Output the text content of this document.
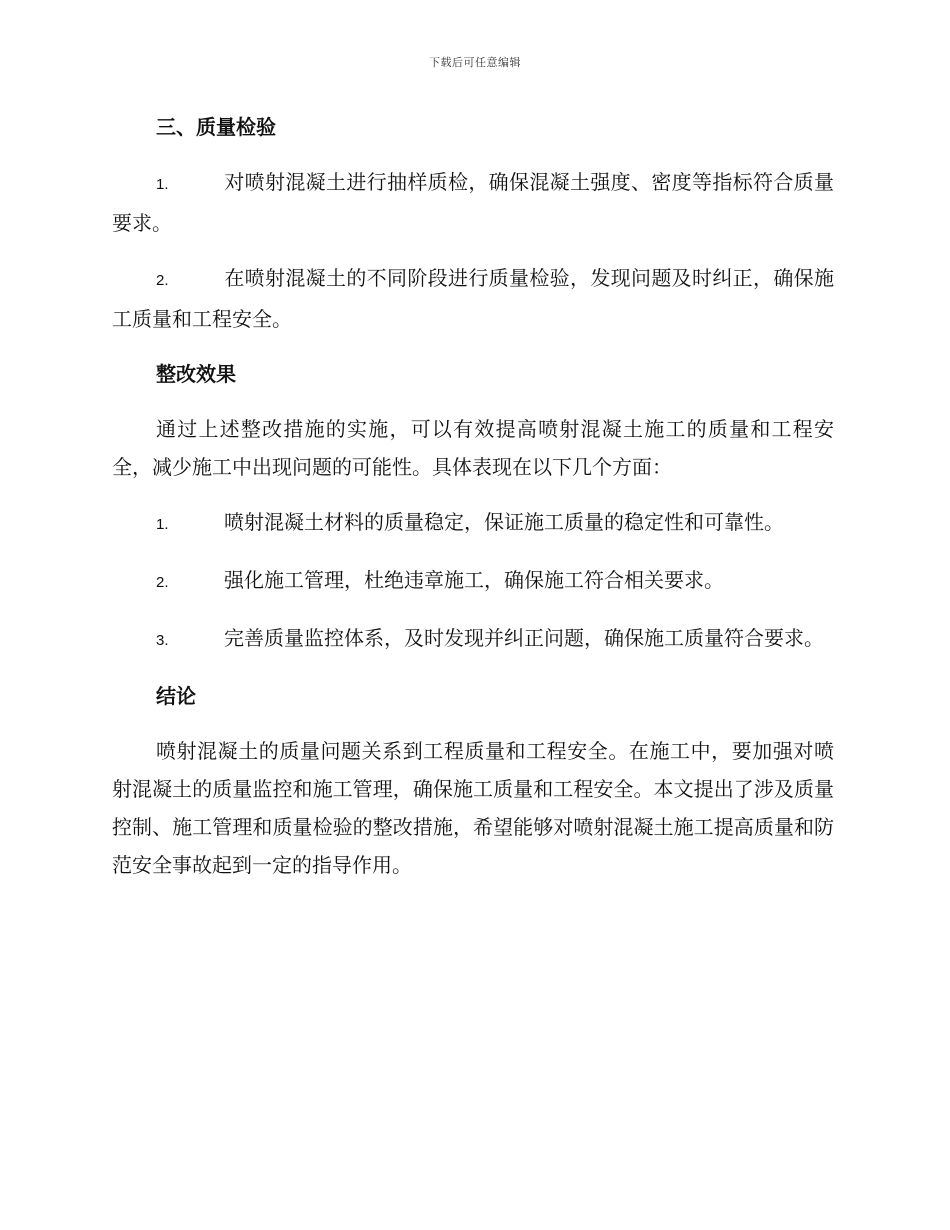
下载后可任意编辑
三、质量检验

1.	对喷射混凝土进行抽样质检，确保混凝土强度、密度等指标符合质量要求。

2.	在喷射混凝土的不同阶段进行质量检验，发现问题及时纠正，确保施工质量和工程安全。

整改效果

通过上述整改措施的实施，可以有效提高喷射混凝土施工的质量和工程安全，减少施工中出现问题的可能性。具体表现在以下几个方面：

1.	喷射混凝土材料的质量稳定，保证施工质量的稳定性和可靠性。

2.	强化施工管理，杜绝违章施工，确保施工符合相关要求。

3.	完善质量监控体系，及时发现并纠正问题，确保施工质量符合要求。

结论

喷射混凝土的质量问题关系到工程质量和工程安全。在施工中，要加强对喷射混凝土的质量监控和施工管理，确保施工质量和工程安全。本文提出了涉及质量控制、施工管理和质量检验的整改措施，希望能够对喷射混凝土施工提高质量和防范安全事故起到一定的指导作用。
